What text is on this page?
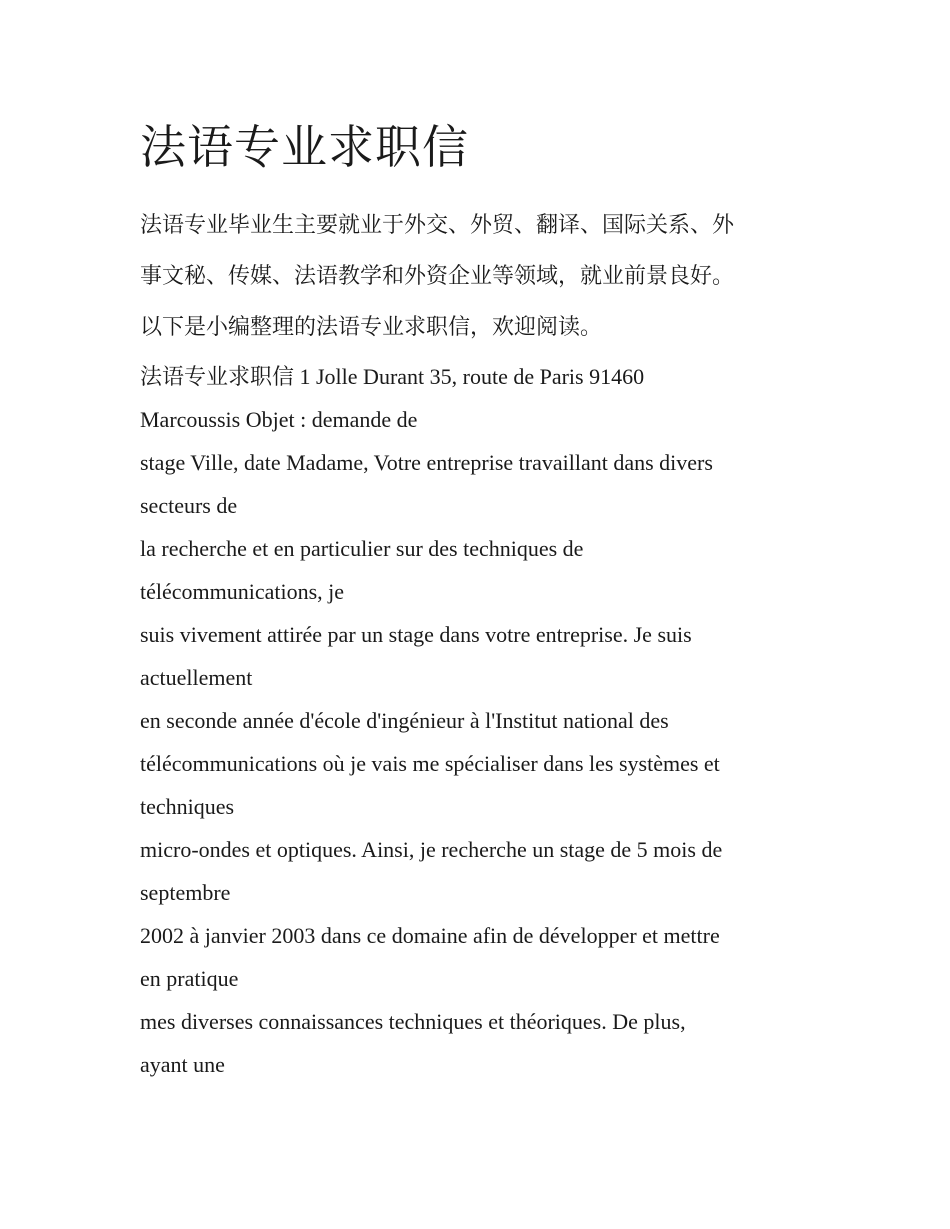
法语专业求职信
法语专业毕业生主要就业于外交、外贸、翻译、国际关系、外
事文秘、传媒、法语教学和外资企业等领域，就业前景良好。
以下是小编整理的法语专业求职信，欢迎阅读。
法语专业求职信 1 Jolle Durant 35, route de Paris 91460
Marcoussis Objet : demande de
stage Ville, date Madame, Votre entreprise travaillant dans divers
secteurs de
la recherche et en particulier sur des techniques de
télécommunications, je
suis vivement attirée par un stage dans votre entreprise. Je suis
actuellement
en seconde année d'école d'ingénieur à l'Institut national des
télécommunications où je vais me spécialiser dans les systèmes et
techniques
micro-ondes et optiques. Ainsi, je recherche un stage de 5 mois de
septembre
2002 à janvier 2003 dans ce domaine afin de développer et mettre
en pratique
mes diverses connaissances techniques et théoriques. De plus,
ayant une
